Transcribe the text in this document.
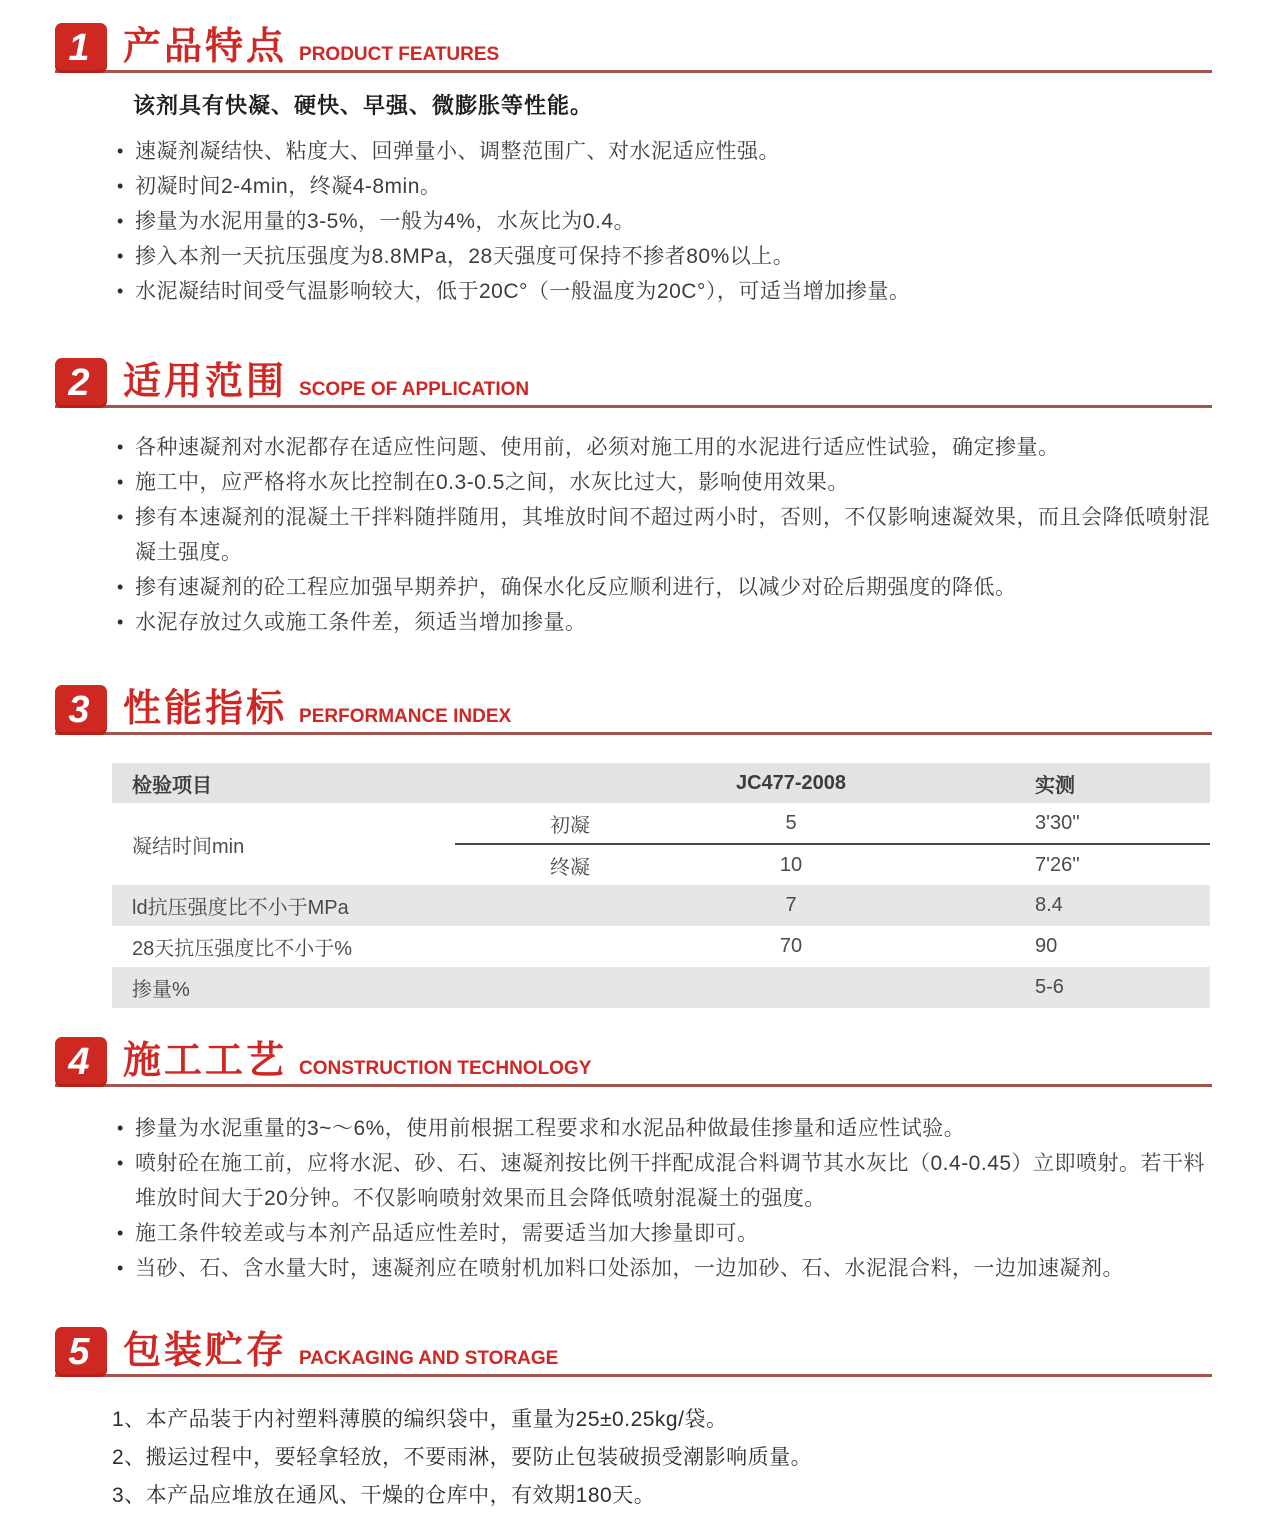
1 产品特点 PRODUCT FEATURES
该剂具有快凝、硬快、早强、微膨胀等性能。
• 速凝剂凝结快、粘度大、回弹量小、调整范围广、对水泥适应性强。
• 初凝时间2-4min，终凝4-8min。
• 掺量为水泥用量的3-5%，一般为4%，水灰比为0.4。
• 掺入本剂一天抗压强度为8.8MPa，28天强度可保持不掺者80%以上。
• 水泥凝结时间受气温影响较大，低于20C°（一般温度为20C°），可适当增加掺量。
2 适用范围 SCOPE OF APPLICATION
• 各种速凝剂对水泥都存在适应性问题、使用前，必须对施工用的水泥进行适应性试验，确定掺量。
• 施工中，应严格将水灰比控制在0.3-0.5之间，水灰比过大，影响使用效果。
• 掺有本速凝剂的混凝土干拌料随拌随用，其堆放时间不超过两小时，否则，不仅影响速凝效果，而且会降低喷射混凝土强度。
• 掺有速凝剂的砼工程应加强早期养护，确保水化反应顺利进行，以减少对砼后期强度的降低。
• 水泥存放过久或施工条件差，须适当增加掺量。
3 性能指标 PERFORMANCE INDEX
检验项目		JC477-2008	实测
凝结时间min	初凝	5	3'30''
	终凝	10	7'26''
ld抗压强度比不小于MPa		7	8.4
28天抗压强度比不小于%		70	90
掺量%			5-6
4 施工工艺 CONSTRUCTION TECHNOLOGY
• 掺量为水泥重量的3~～6%，使用前根据工程要求和水泥品种做最佳掺量和适应性试验。
• 喷射砼在施工前，应将水泥、砂、石、速凝剂按比例干拌配成混合料调节其水灰比（0.4-0.45）立即喷射。若干料堆放时间大于20分钟。不仅影响喷射效果而且会降低喷射混凝土的强度。
• 施工条件较差或与本剂产品适应性差时，需要适当加大掺量即可。
• 当砂、石、含水量大时，速凝剂应在喷射机加料口处添加，一边加砂、石、水泥混合料，一边加速凝剂。
5 包装贮存 PACKAGING AND STORAGE
1、本产品装于内衬塑料薄膜的编织袋中，重量为25±0.25kg/袋。
2、搬运过程中，要轻拿轻放，不要雨淋，要防止包装破损受潮影响质量。
3、本产品应堆放在通风、干燥的仓库中，有效期180天。
